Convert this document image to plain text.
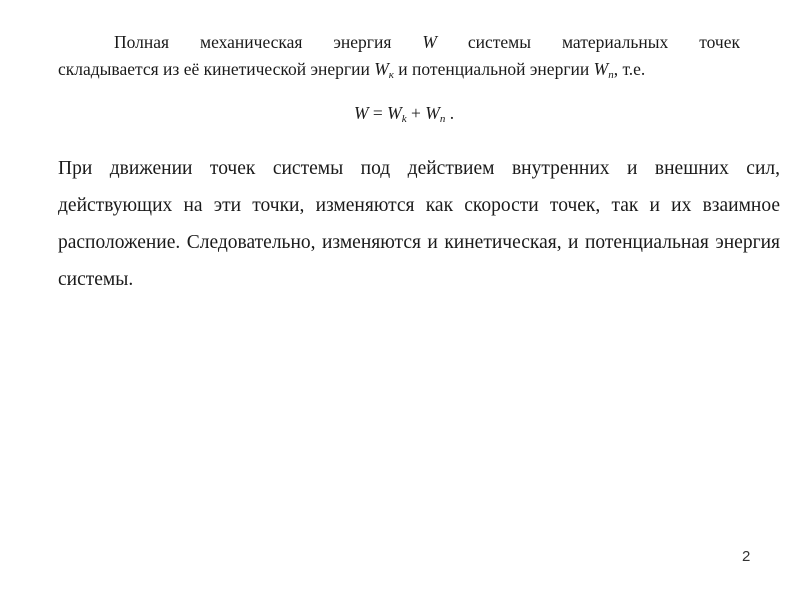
Полная механическая энергия W системы материальных точек
складывается из её кинетической энергии $W_к$ и потенциальной энергии $W_п$, т.е.
$W = W_k + W_n$ .
При движении точек системы под действием внутренних и внешних сил, действующих на эти точки, изменяются как скорости точек, так и их взаимное расположение. Следовательно, изменяются и кинетическая, и потенциальная энергия системы.
2
